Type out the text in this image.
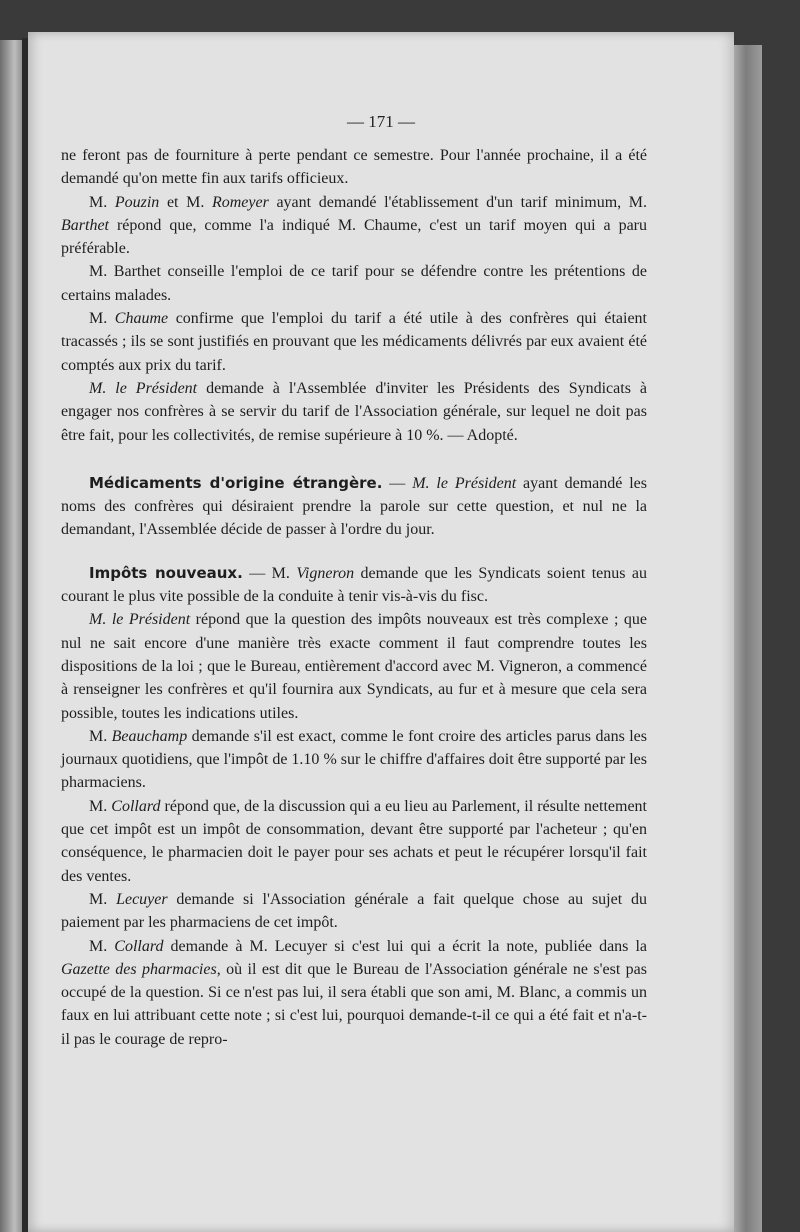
— 171 —

ne feront pas de fourniture à perte pendant ce semestre. Pour l'année prochaine, il a été demandé qu'on mette fin aux tarifs officieux.

M. Pouzin et M. Romeyer ayant demandé l'établissement d'un tarif minimum, M. Barthet répond que, comme l'a indiqué M. Chaume, c'est un tarif moyen qui a paru préférable.

M. Barthet conseille l'emploi de ce tarif pour se défendre contre les prétentions de certains malades.

M. Chaume confirme que l'emploi du tarif a été utile à des confrères qui étaient tracassés ; ils se sont justifiés en prouvant que les médicaments délivrés par eux avaient été comptés aux prix du tarif.

M. le Président demande à l'Assemblée d'inviter les Présidents des Syndicats à engager nos confrères à se servir du tarif de l'Association générale, sur lequel ne doit pas être fait, pour les collectivités, de remise supérieure à 10 %. — Adopté.

Médicaments d'origine étrangère. — M. le Président ayant demandé les noms des confrères qui désiraient prendre la parole sur cette question, et nul ne la demandant, l'Assemblée décide de passer à l'ordre du jour.

Impôts nouveaux. — M. Vigneron demande que les Syndicats soient tenus au courant le plus vite possible de la conduite à tenir vis-à-vis du fisc.

M. le Président répond que la question des impôts nouveaux est très complexe ; que nul ne sait encore d'une manière très exacte comment il faut comprendre toutes les dispositions de la loi ; que le Bureau, entièrement d'accord avec M. Vigneron, a commencé à renseigner les confrères et qu'il fournira aux Syndicats, au fur et à mesure que cela sera possible, toutes les indications utiles.

M. Beauchamp demande s'il est exact, comme le font croire des articles parus dans les journaux quotidiens, que l'impôt de 1.10 % sur le chiffre d'affaires doit être supporté par les pharmaciens.

M. Collard répond que, de la discussion qui a eu lieu au Parlement, il résulte nettement que cet impôt est un impôt de consommation, devant être supporté par l'acheteur ; qu'en conséquence, le pharmacien doit le payer pour ses achats et peut le récupérer lorsqu'il fait des ventes.

M. Lecuyer demande si l'Association générale a fait quelque chose au sujet du paiement par les pharmaciens de cet impôt.

M. Collard demande à M. Lecuyer si c'est lui qui a écrit la note, publiée dans la Gazette des pharmacies, où il est dit que le Bureau de l'Association générale ne s'est pas occupé de la question. Si ce n'est pas lui, il sera établi que son ami, M. Blanc, a commis un faux en lui attribuant cette note ; si c'est lui, pourquoi demande-t-il ce qui a été fait et n'a-t-il pas le courage de repro-
